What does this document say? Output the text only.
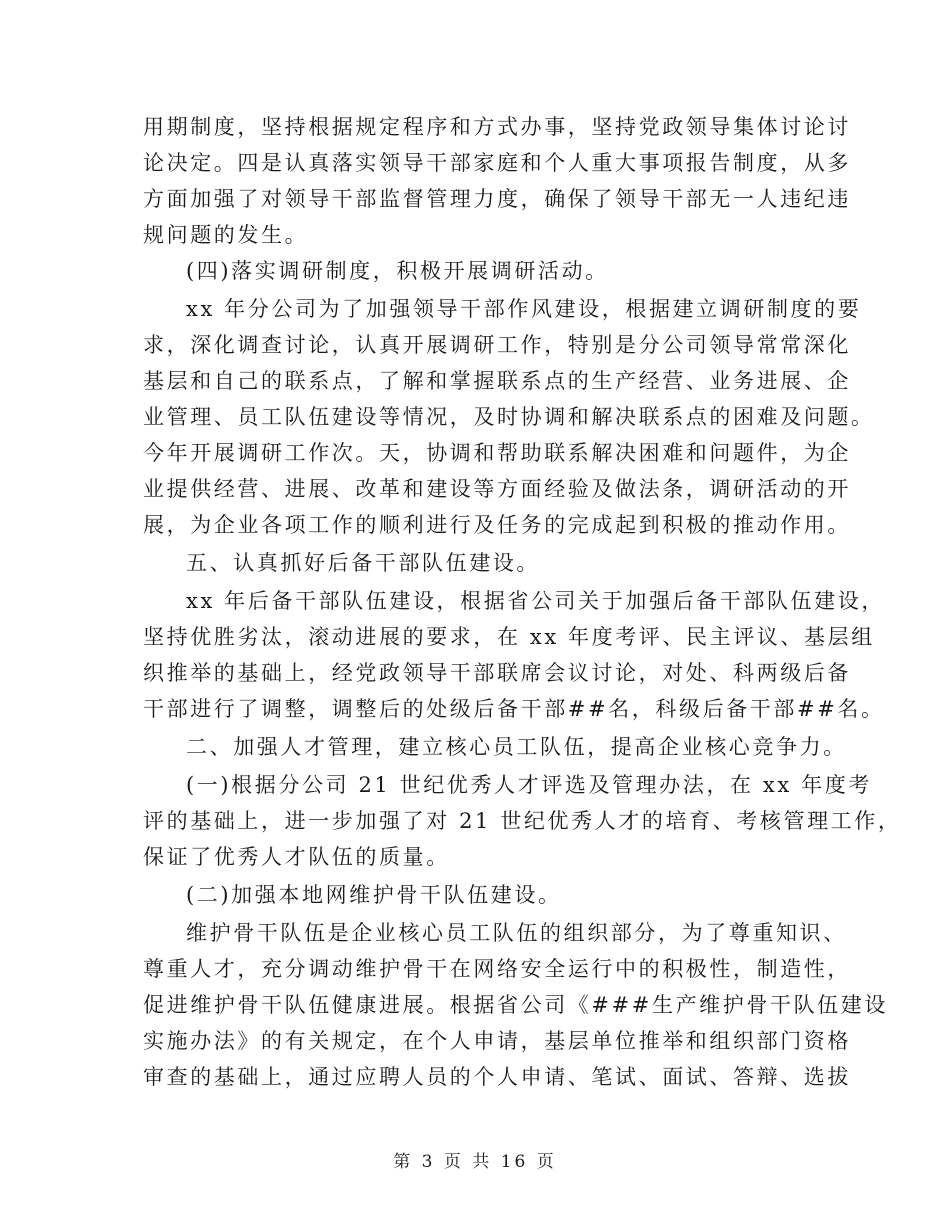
用期制度，坚持根据规定程序和方式办事，坚持党政领导集体讨论讨
论决定。四是认真落实领导干部家庭和个人重大事项报告制度，从多
方面加强了对领导干部监督管理力度，确保了领导干部无一人违纪违
规问题的发生。
(四)落实调研制度，积极开展调研活动。
xx 年分公司为了加强领导干部作风建设，根据建立调研制度的要
求，深化调查讨论，认真开展调研工作，特别是分公司领导常常深化
基层和自己的联系点，了解和掌握联系点的生产经营、业务进展、企
业管理、员工队伍建设等情况，及时协调和解决联系点的困难及问题。
今年开展调研工作次。天，协调和帮助联系解决困难和问题件，为企
业提供经营、进展、改革和建设等方面经验及做法条，调研活动的开
展，为企业各项工作的顺利进行及任务的完成起到积极的推动作用。
五、认真抓好后备干部队伍建设。
xx 年后备干部队伍建设，根据省公司关于加强后备干部队伍建设，
坚持优胜劣汰，滚动进展的要求，在 xx 年度考评、民主评议、基层组
织推举的基础上，经党政领导干部联席会议讨论，对处、科两级后备
干部进行了调整，调整后的处级后备干部##名，科级后备干部##名。
二、加强人才管理，建立核心员工队伍，提高企业核心竞争力。
(一)根据分公司 21 世纪优秀人才评选及管理办法，在 xx 年度考
评的基础上，进一步加强了对 21 世纪优秀人才的培育、考核管理工作，
保证了优秀人才队伍的质量。
(二)加强本地网维护骨干队伍建设。
维护骨干队伍是企业核心员工队伍的组织部分，为了尊重知识、
尊重人才，充分调动维护骨干在网络安全运行中的积极性，制造性，
促进维护骨干队伍健康进展。根据省公司《###生产维护骨干队伍建设
实施办法》的有关规定，在个人申请，基层单位推举和组织部门资格
审查的基础上，通过应聘人员的个人申请、笔试、面试、答辩、选拔
第 3 页 共 16 页
